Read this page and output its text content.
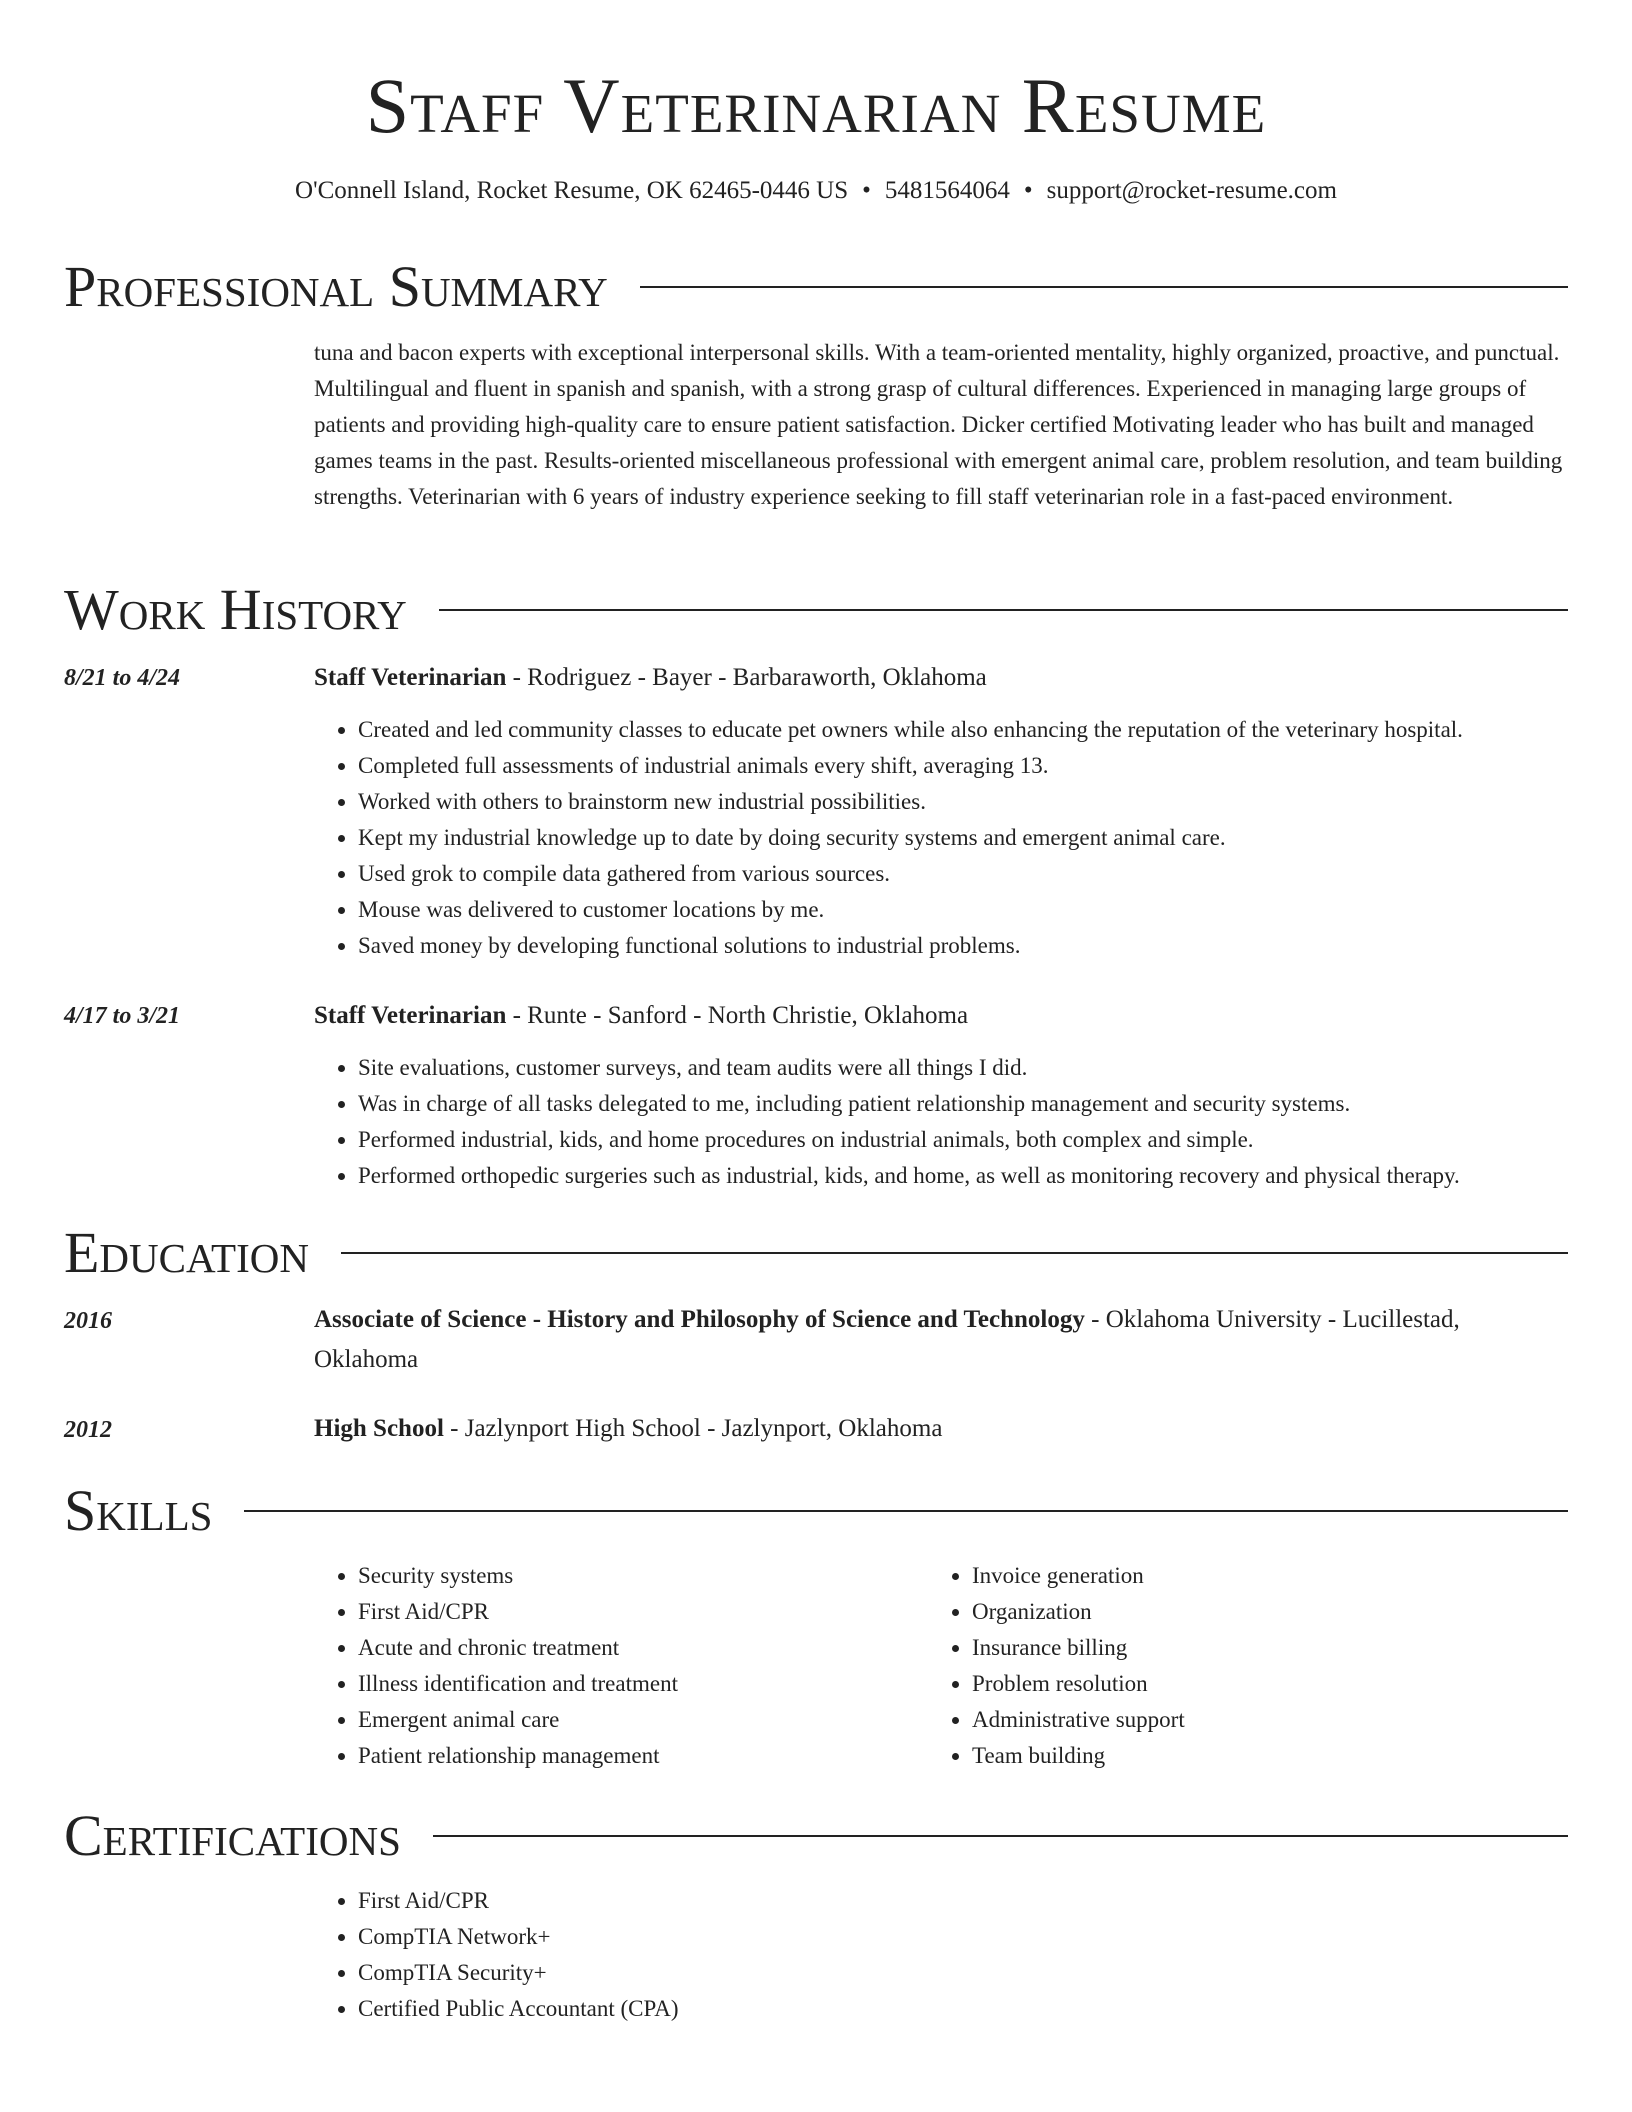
Staff Veterinarian Resume
O'Connell Island, Rocket Resume, OK 62465-0446 US • 5481564064 • support@rocket-resume.com
Professional Summary
tuna and bacon experts with exceptional interpersonal skills. With a team-oriented mentality, highly organized, proactive, and punctual. Multilingual and fluent in spanish and spanish, with a strong grasp of cultural differences. Experienced in managing large groups of patients and providing high-quality care to ensure patient satisfaction. Dicker certified Motivating leader who has built and managed games teams in the past. Results-oriented miscellaneous professional with emergent animal care, problem resolution, and team building strengths. Veterinarian with 6 years of industry experience seeking to fill staff veterinarian role in a fast-paced environment.
Work History
8/21 to 4/24	Staff Veterinarian - Rodriguez - Bayer - Barbaraworth, Oklahoma
• Created and led community classes to educate pet owners while also enhancing the reputation of the veterinary hospital.
• Completed full assessments of industrial animals every shift, averaging 13.
• Worked with others to brainstorm new industrial possibilities.
• Kept my industrial knowledge up to date by doing security systems and emergent animal care.
• Used grok to compile data gathered from various sources.
• Mouse was delivered to customer locations by me.
• Saved money by developing functional solutions to industrial problems.
4/17 to 3/21	Staff Veterinarian - Runte - Sanford - North Christie, Oklahoma
• Site evaluations, customer surveys, and team audits were all things I did.
• Was in charge of all tasks delegated to me, including patient relationship management and security systems.
• Performed industrial, kids, and home procedures on industrial animals, both complex and simple.
• Performed orthopedic surgeries such as industrial, kids, and home, as well as monitoring recovery and physical therapy.
Education
2016	Associate of Science - History and Philosophy of Science and Technology - Oklahoma University - Lucillestad, Oklahoma
2012	High School - Jazlynport High School - Jazlynport, Oklahoma
Skills
• Security systems
• First Aid/CPR
• Acute and chronic treatment
• Illness identification and treatment
• Emergent animal care
• Patient relationship management
• Invoice generation
• Organization
• Insurance billing
• Problem resolution
• Administrative support
• Team building
Certifications
• First Aid/CPR
• CompTIA Network+
• CompTIA Security+
• Certified Public Accountant (CPA)
